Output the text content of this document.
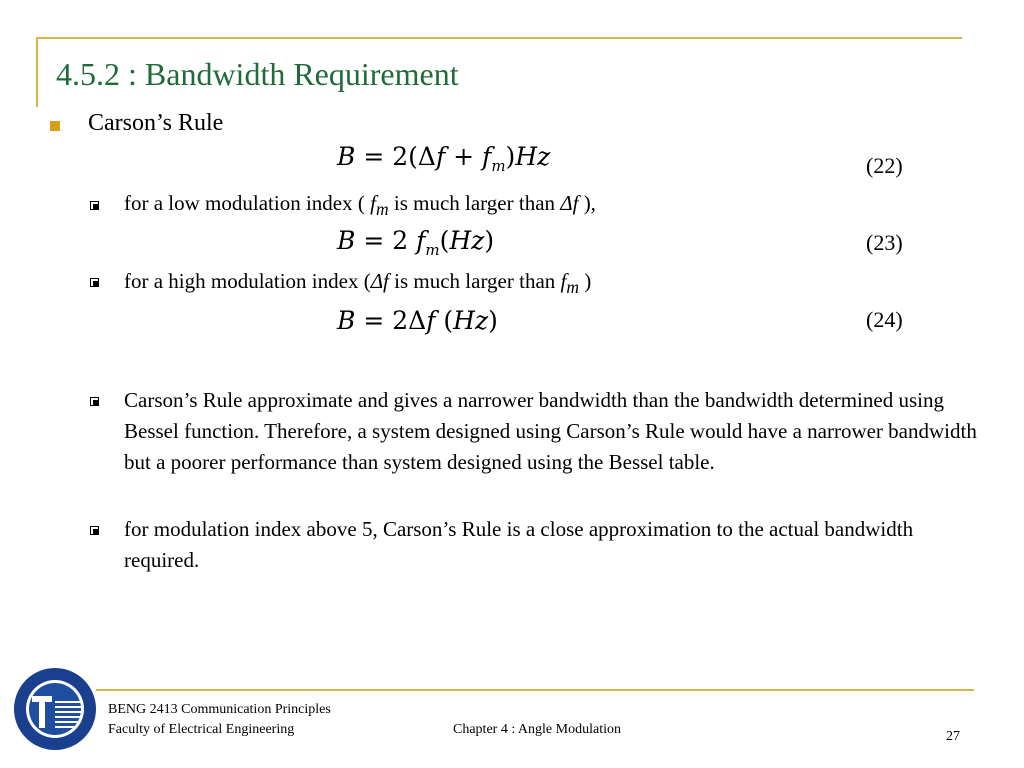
4.5.2 : Bandwidth Requirement
Carson’s Rule
$B = 2(\Delta f + f_m)Hz$	(22)
for a low modulation index ( $f_m$ is much larger than Δf ),
B = 2 $f_m(Hz)$	(23)
for a high modulation index (Δf is much larger than $f_m$ )
B = 2Δf (Hz)	(24)
Carson’s Rule approximate and gives a narrower bandwidth than the bandwidth determined using Bessel function. Therefore, a system designed using Carson’s Rule would have a narrower bandwidth but a poorer performance than system designed using the Bessel table.
for modulation index above 5, Carson’s Rule is a close approximation to the actual bandwidth required.
BENG 2413 Communication Principles
Faculty of Electrical Engineering	Chapter 4 : Angle Modulation	27
